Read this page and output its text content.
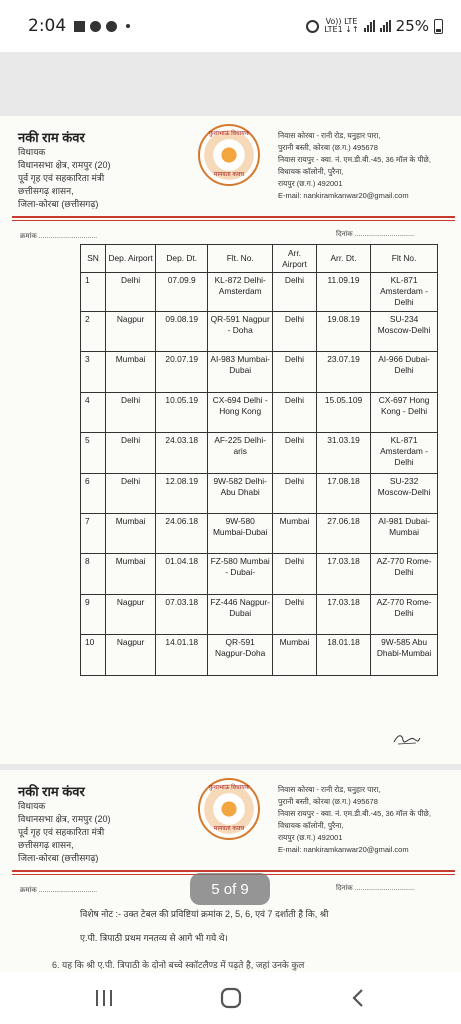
2:04	Vo)) LTE
LTE1 ↓↑ 25%
नकी राम कंवर
विधायक
विधानसभा क्षेत्र, रामपुर (20)
पूर्व गृह एवं सहकारिता मंत्री
छत्तीसगढ़ शासन,
जिला-कोरबा (छत्तीसगढ़)
कुशाभाऊ विधायक
मानवता कवच
निवास कोरबा - रानी रोड, घनुहार पारा,
पुरानी बस्ती, कोरबा (छ.ग.) 495678
निवास रायपुर - क्वा. नं. एम.डी.बी.-45, 36 मॉल के पीछे,
विधायक कॉलोनी, पुरैना,
रायपुर (छ.ग.) 492001
E-mail: nankiramkanwar20@gmail.com
क्रमांक ..............................	दिनांक ...............................
SN	Dep. Airport	Dep. Dt.	Flt. No.	Arr. Airport	Arr. Dt.	Flt No.
1	Delhi	07.09.9	KL-872 Delhi-Amsterdam	Delhi	11.09.19	KL-871 Amsterdam - Delhi
2	Nagpur	09.08.19	QR-591 Nagpur - Doha	Delhi	19.08.19	SU-234 Moscow-Delhi
3	Mumbai	20.07.19	AI-983 Mumbai-Dubai	Delhi	23.07.19	AI-966 Dubai-Delhi
4	Delhi	10.05.19	CX-694 Delhi - Hong Kong	Delhi	15.05.109	CX-697 Hong Kong - Delhi
5	Delhi	24.03.18	AF-225 Delhi- aris	Delhi	31.03.19	KL-871 Amsterdam - Delhi
6	Delhi	12.08.19	9W-582 Delhi-Abu Dhabi	Delhi	17.08.18	SU-232 Moscow-Delhi
7	Mumbai	24.06.18	9W-580 Mumbai-Dubai	Mumbai	27.06.18	AI-981 Dubai-Mumbai
8	Mumbai	01.04.18	FZ-580 Mumbai - Dubai-	Delhi	17.03.18	AZ-770 Rome-Delhi
9	Nagpur	07.03.18	FZ-446 Nagpur-Dubai	Delhi	17.03.18	AZ-770 Rome- Delhi
10	Nagpur	14.01.18	QR-591 Nagpur-Doha	Mumbai	18.01.18	9W-585 Abu Dhabi-Mumbai
नकी राम कंवर
विधायक
विधानसभा क्षेत्र, रामपुर (20)
पूर्व गृह एवं सहकारिता मंत्री
छत्तीसगढ़ शासन,
जिला-कोरबा (छत्तीसगढ़)
कुशाभाऊ विधायक
मानवता कवच
निवास कोरबा - रानी रोड, घनुहार पारा,
पुरानी बस्ती, कोरबा (छ.ग.) 495678
निवास रायपुर - क्वा. नं. एम.डी.बी.-45, 36 मॉल के पीछे,
विधायक कॉलोनी, पुरैना,
रायपुर (छ.ग.) 492001
E-mail: nankiramkanwar20@gmail.com
क्रमांक ..............................	दिनांक ...............................
विशेष नोट :- उक्त टेबल की प्रविष्टियां क्रमांक 2, 5, 6, एवं 7 दर्शाती है कि, श्री
ए.पी. त्रिपाठी प्रथम गनतव्य से आगे भी गये थे।
6. यह कि श्री ए.पी. त्रिपाठी के दोनो बच्चे स्कॉटलैण्ड में पढ़ते है, जहां उनके कुल
5 of 9
